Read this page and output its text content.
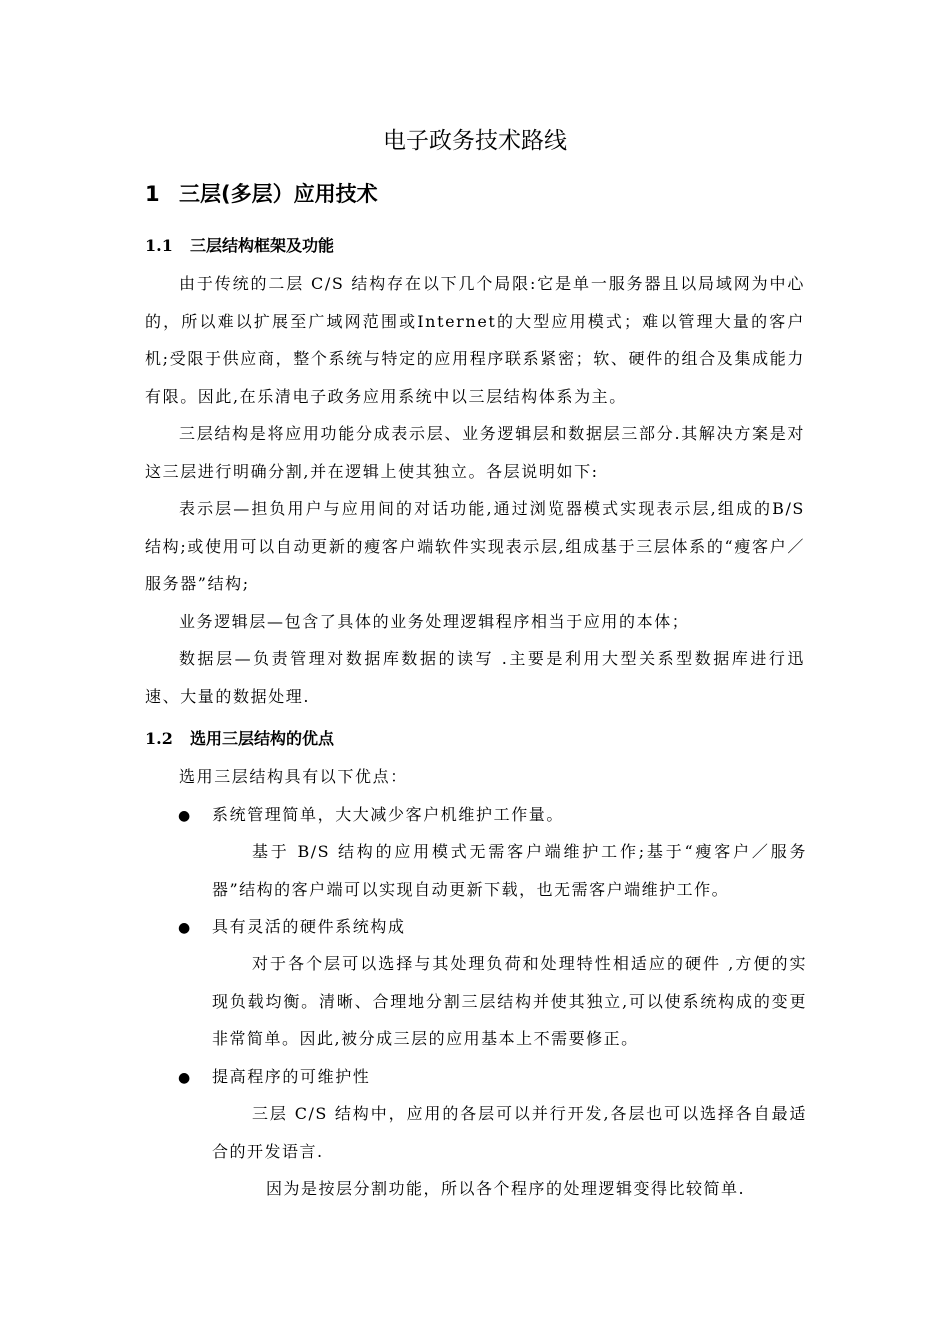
电子政务技术路线
1 三层(多层）应用技术
1.1 三层结构框架及功能
由于传统的二层 C/S 结构存在以下几个局限:它是单一服务器且以局域网为中心的，所以难以扩展至广域网范围或Internet的大型应用模式；难以管理大量的客户机;受限于供应商，整个系统与特定的应用程序联系紧密；软、硬件的组合及集成能力有限。因此,在乐清电子政务应用系统中以三层结构体系为主。
三层结构是将应用功能分成表示层、业务逻辑层和数据层三部分.其解决方案是对这三层进行明确分割,并在逻辑上使其独立。各层说明如下:
表示层—担负用户与应用间的对话功能,通过浏览器模式实现表示层,组成的B/S 结构;或使用可以自动更新的瘦客户端软件实现表示层,组成基于三层体系的“瘦客户／服务器”结构;
业务逻辑层—包含了具体的业务处理逻辑程序相当于应用的本体；
数据层—负责管理对数据库数据的读写 .主要是利用大型关系型数据库进行迅速、大量的数据处理.
1.2 选用三层结构的优点
选用三层结构具有以下优点：
● 系统管理简单，大大减少客户机维护工作量。
基于 B/S 结构的应用模式无需客户端维护工作;基于“瘦客户／服务器”结构的客户端可以实现自动更新下载，也无需客户端维护工作。
● 具有灵活的硬件系统构成
对于各个层可以选择与其处理负荷和处理特性相适应的硬件 ,方便的实现负载均衡。清晰、合理地分割三层结构并使其独立,可以使系统构成的变更非常简单。因此,被分成三层的应用基本上不需要修正。
● 提高程序的可维护性
三层 C/S 结构中，应用的各层可以并行开发,各层也可以选择各自最适合的开发语言.
因为是按层分割功能，所以各个程序的处理逻辑变得比较简单.
